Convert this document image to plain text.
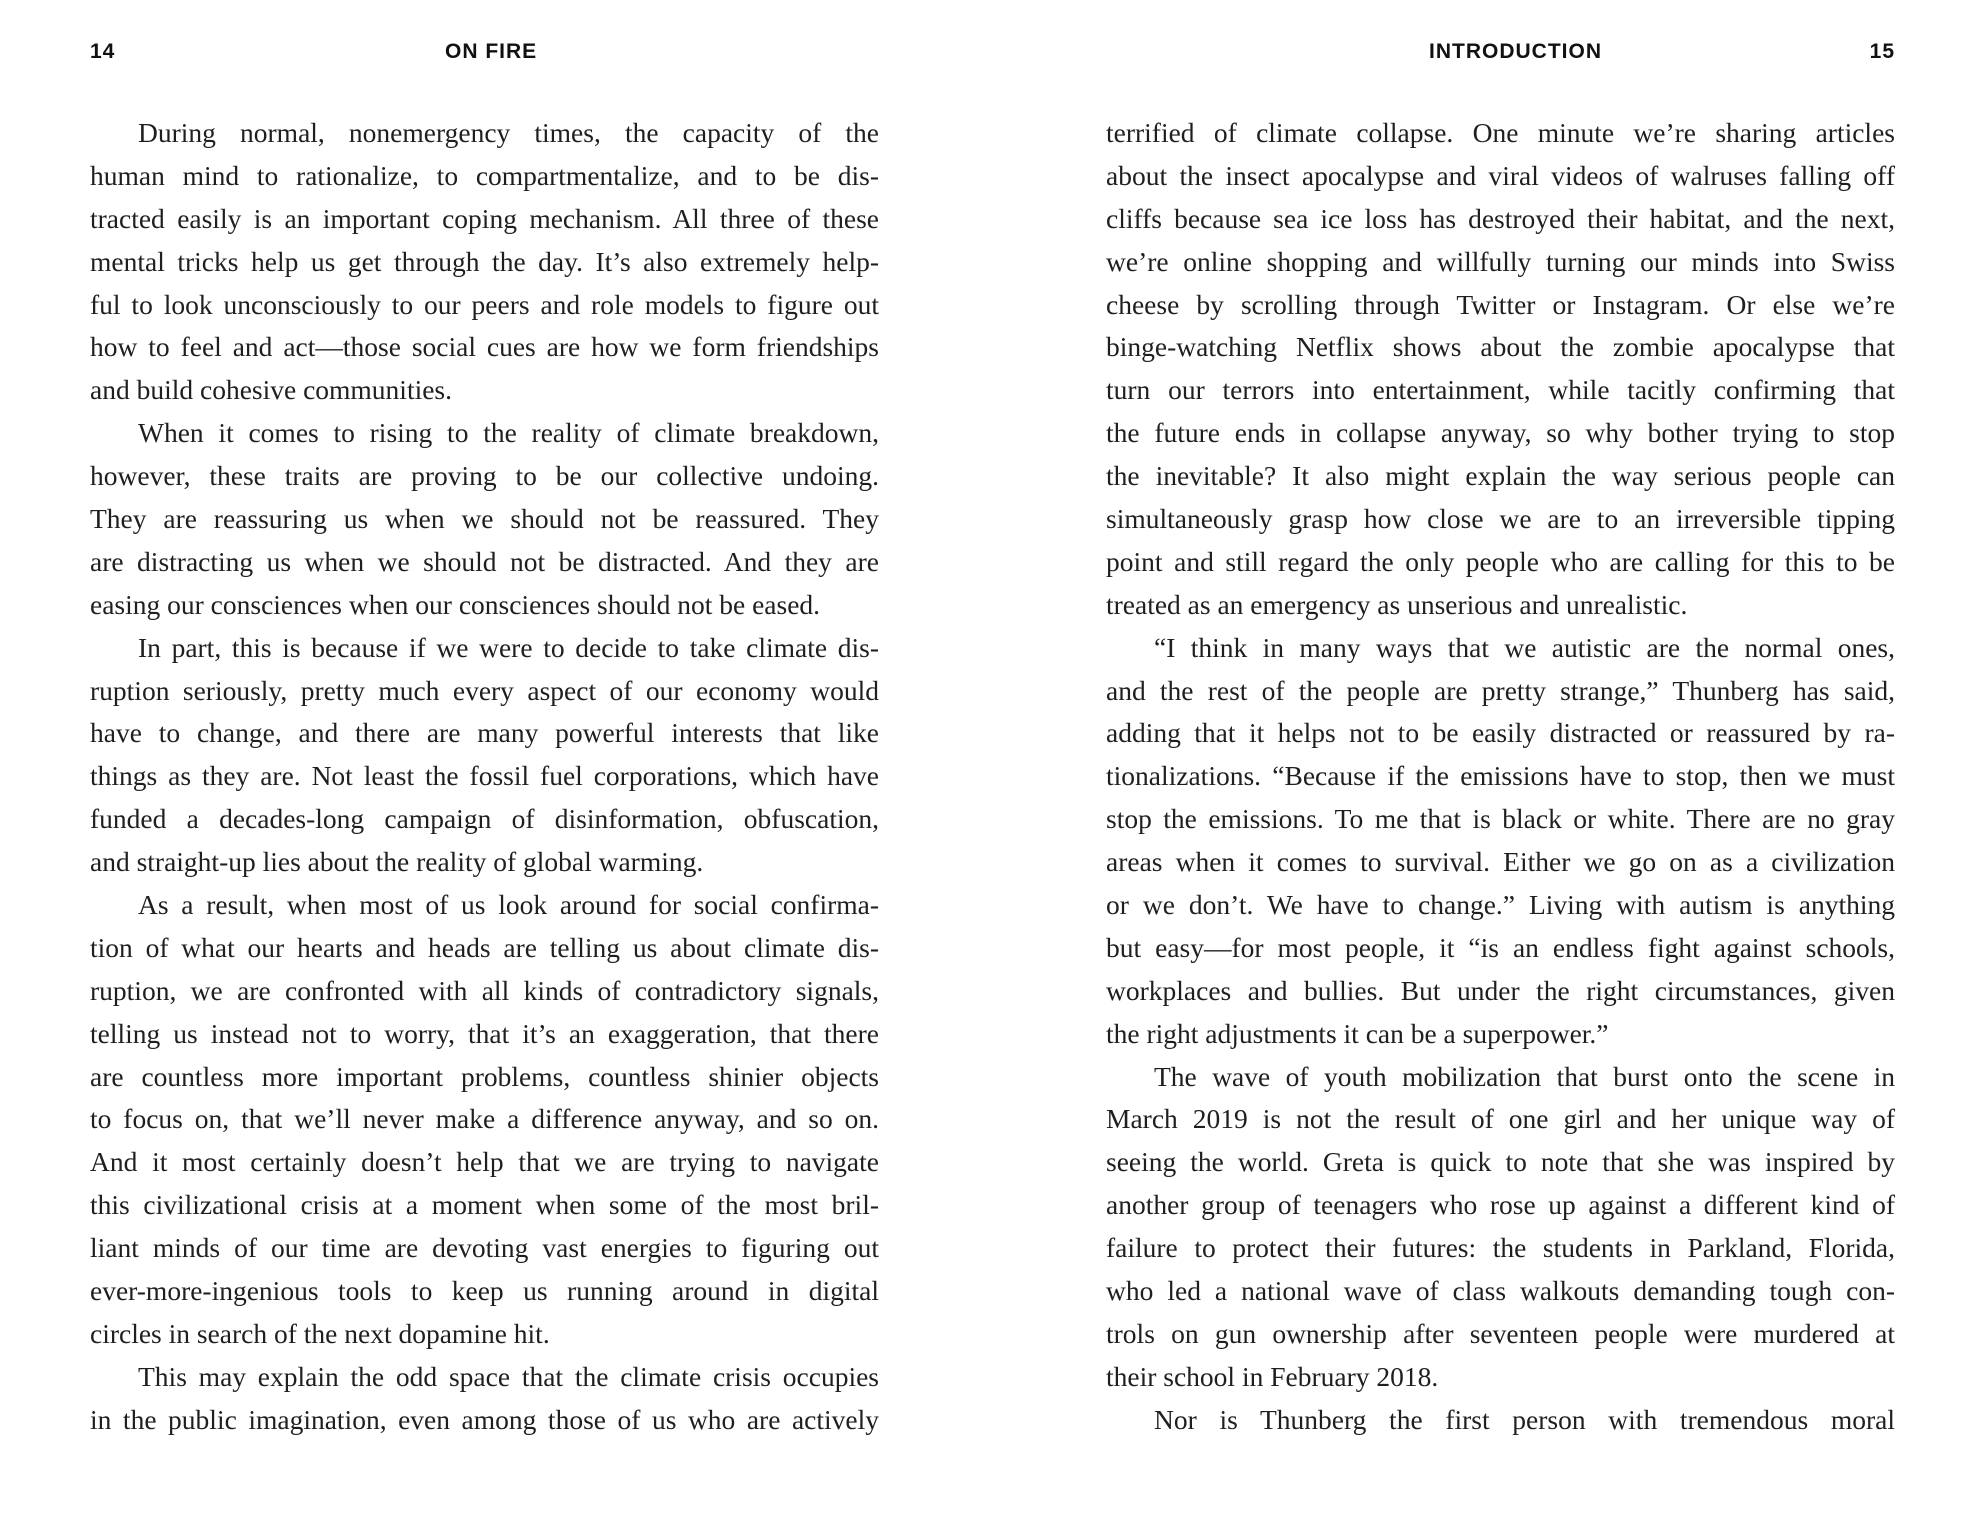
14	ON FIRE
During normal, nonemergency times, the capacity of the
human mind to rationalize, to compartmentalize, and to be dis-
tracted easily is an important coping mechanism. All three of these
mental tricks help us get through the day. It’s also extremely help-
ful to look unconsciously to our peers and role models to figure out
how to feel and act—those social cues are how we form friendships
and build cohesive communities.
When it comes to rising to the reality of climate breakdown,
however, these traits are proving to be our collective undoing.
They are reassuring us when we should not be reassured. They
are distracting us when we should not be distracted. And they are
easing our consciences when our consciences should not be eased.
In part, this is because if we were to decide to take climate dis-
ruption seriously, pretty much every aspect of our economy would
have to change, and there are many powerful interests that like
things as they are. Not least the fossil fuel corporations, which have
funded a decades-long campaign of disinformation, obfuscation,
and straight-up lies about the reality of global warming.
As a result, when most of us look around for social confirma-
tion of what our hearts and heads are telling us about climate dis-
ruption, we are confronted with all kinds of contradictory signals,
telling us instead not to worry, that it’s an exaggeration, that there
are countless more important problems, countless shinier objects
to focus on, that we’ll never make a difference anyway, and so on.
And it most certainly doesn’t help that we are trying to navigate
this civilizational crisis at a moment when some of the most bril-
liant minds of our time are devoting vast energies to figuring out
ever-more-ingenious tools to keep us running around in digital
circles in search of the next dopamine hit.
This may explain the odd space that the climate crisis occupies
in the public imagination, even among those of us who are actively
INTRODUCTION	15
terrified of climate collapse. One minute we’re sharing articles
about the insect apocalypse and viral videos of walruses falling off
cliffs because sea ice loss has destroyed their habitat, and the next,
we’re online shopping and willfully turning our minds into Swiss
cheese by scrolling through Twitter or Instagram. Or else we’re
binge-watching Netflix shows about the zombie apocalypse that
turn our terrors into entertainment, while tacitly confirming that
the future ends in collapse anyway, so why bother trying to stop
the inevitable? It also might explain the way serious people can
simultaneously grasp how close we are to an irreversible tipping
point and still regard the only people who are calling for this to be
treated as an emergency as unserious and unrealistic.
“I think in many ways that we autistic are the normal ones,
and the rest of the people are pretty strange,” Thunberg has said,
adding that it helps not to be easily distracted or reassured by ra-
tionalizations. “Because if the emissions have to stop, then we must
stop the emissions. To me that is black or white. There are no gray
areas when it comes to survival. Either we go on as a civilization
or we don’t. We have to change.” Living with autism is anything
but easy—for most people, it “is an endless fight against schools,
workplaces and bullies. But under the right circumstances, given
the right adjustments it can be a superpower.”
The wave of youth mobilization that burst onto the scene in
March 2019 is not the result of one girl and her unique way of
seeing the world. Greta is quick to note that she was inspired by
another group of teenagers who rose up against a different kind of
failure to protect their futures: the students in Parkland, Florida,
who led a national wave of class walkouts demanding tough con-
trols on gun ownership after seventeen people were murdered at
their school in February 2018.
Nor is Thunberg the first person with tremendous moral
